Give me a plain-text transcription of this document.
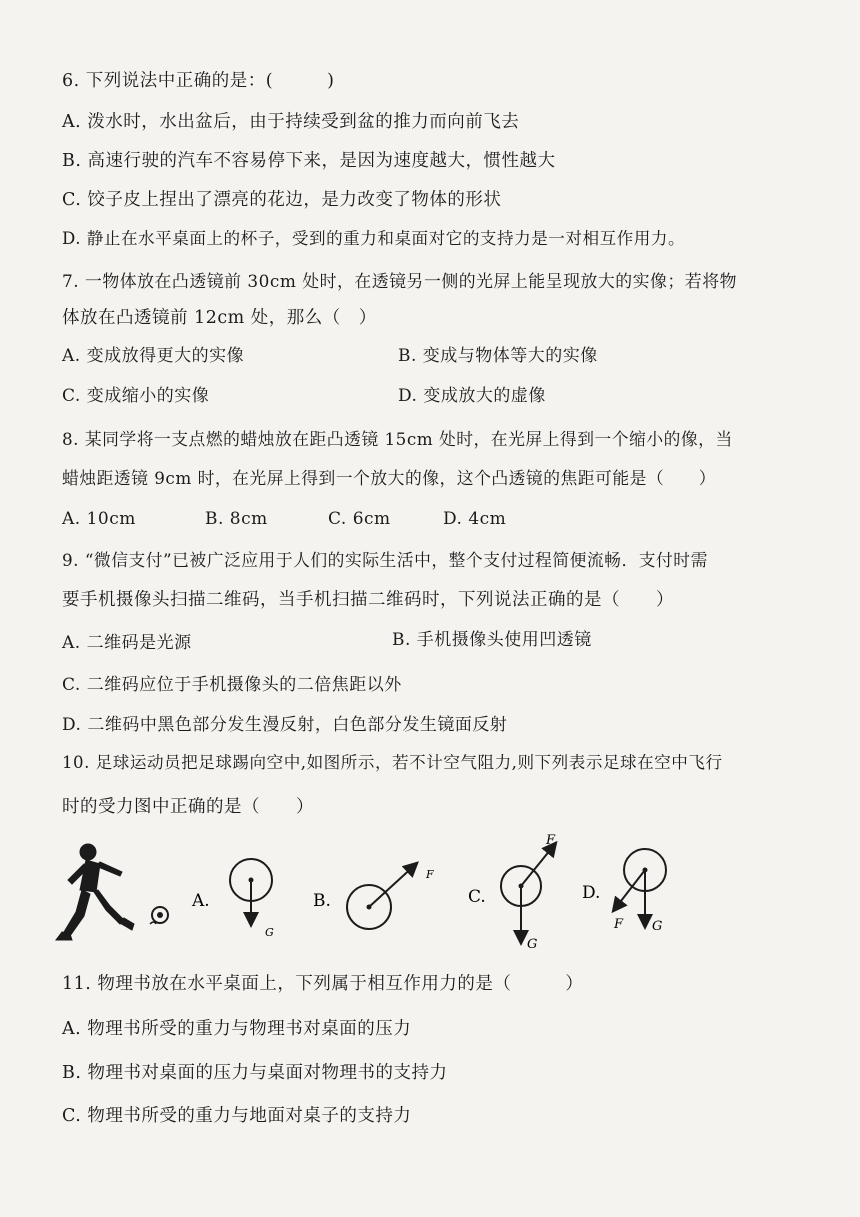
6. 下列说法中正确的是：(　　　)
A. 泼水时，水出盆后，由于持续受到盆的推力而向前飞去
B. 高速行驶的汽车不容易停下来，是因为速度越大，惯性越大
C. 饺子皮上捏出了漂亮的花边，是力改变了物体的形状
D. 静止在水平桌面上的杯子，受到的重力和桌面对它的支持力是一对相互作用力。
7. 一物体放在凸透镜前 30cm 处时，在透镜另一侧的光屏上能呈现放大的实像；若将物
体放在凸透镜前 12cm 处，那么（　）
A. 变成放得更大的实像	B. 变成与物体等大的实像
C. 变成缩小的实像	D. 变成放大的虚像
8. 某同学将一支点燃的蜡烛放在距凸透镜 15cm 处时，在光屏上得到一个缩小的像，当
蜡烛距透镜 9cm 时，在光屏上得到一个放大的像，这个凸透镜的焦距可能是（　　）
A. 10cm	B. 8cm	C. 6cm	D. 4cm
9. “微信支付”已被广泛应用于人们的实际生活中，整个支付过程简便流畅．支付时需
要手机摄像头扫描二维码，当手机扫描二维码时，下列说法正确的是（　　）
A. 二维码是光源	B. 手机摄像头使用凹透镜
C. 二维码应位于手机摄像头的二倍焦距以外
D. 二维码中黑色部分发生漫反射，白色部分发生镜面反射
10. 足球运动员把足球踢向空中,如图所示，若不计空气阻力,则下列表示足球在空中飞行
时的受力图中正确的是（　　）
A.
G
B.
F
C.
F
G
D.
F G
11. 物理书放在水平桌面上，下列属于相互作用力的是（　　　）
A. 物理书所受的重力与物理书对桌面的压力
B. 物理书对桌面的压力与桌面对物理书的支持力
C. 物理书所受的重力与地面对桌子的支持力
